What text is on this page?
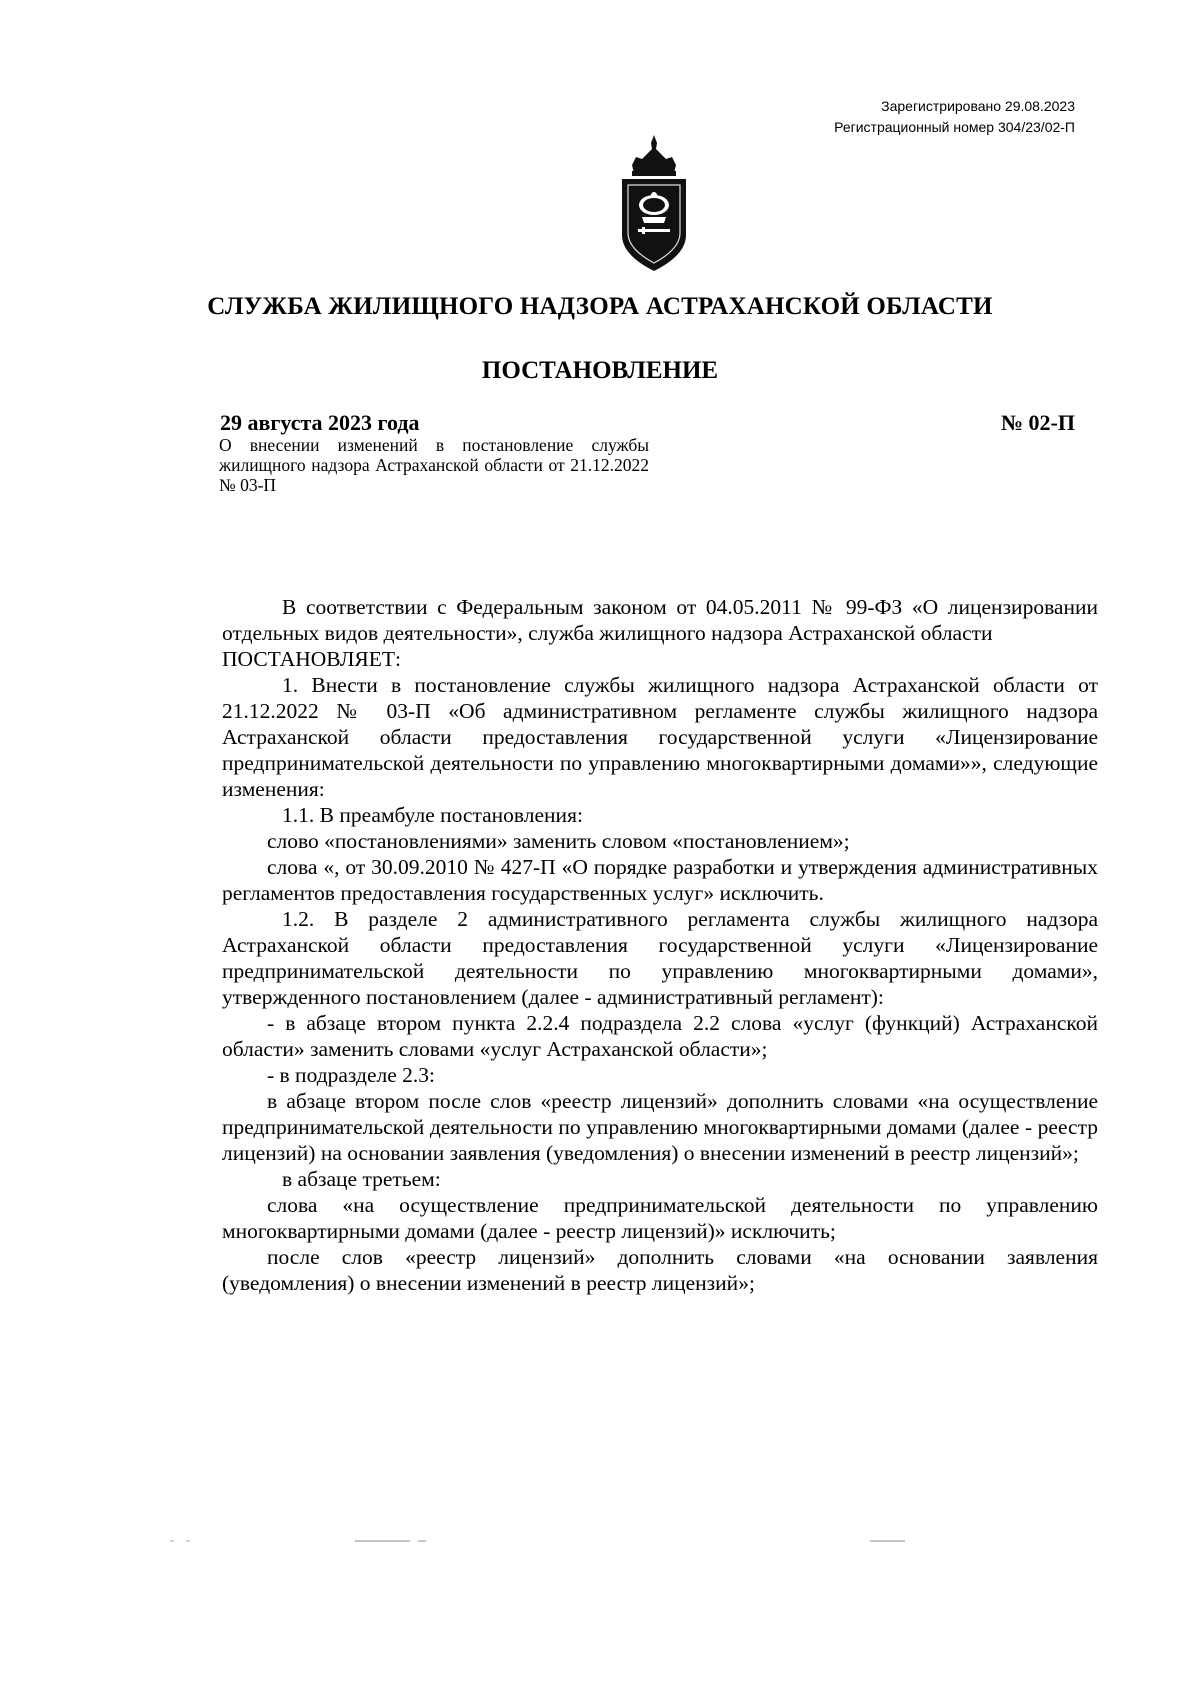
Зарегистрировано 29.08.2023
Регистрационный номер 304/23/02-П
СЛУЖБА ЖИЛИЩНОГО НАДЗОРА АСТРАХАНСКОЙ ОБЛАСТИ
ПОСТАНОВЛЕНИЕ
29 августа 2023 года	№ 02-П
О внесении изменений в постановление службы жилищного надзора Астраханской области от 21.12.2022 № 03-П

В соответствии с Федеральным законом от 04.05.2011 № 99-ФЗ «О лицензировании отдельных видов деятельности», служба жилищного надзора Астраханской области

ПОСТАНОВЛЯЕТ:

1. Внести в постановление службы жилищного надзора Астраханской области от 21.12.2022 № 03-П «Об административном регламенте службы жилищного надзора Астраханской области предоставления государственной услуги «Лицензирование предпринимательской деятельности по управлению многоквартирными домами»», следующие изменения:

1.1. В преамбуле постановления:

слово «постановлениями» заменить словом «постановлением»;

слова «, от 30.09.2010 № 427-П «О порядке разработки и утверждения административных регламентов предоставления государственных услуг» исключить.

1.2. В разделе 2 административного регламента службы жилищного надзора Астраханской области предоставления государственной услуги «Лицензирование предпринимательской деятельности по управлению многоквартирными домами», утвержденного постановлением (далее - административный регламент):

- в абзаце втором пункта 2.2.4 подраздела 2.2 слова «услуг (функций) Астраханской области» заменить словами «услуг Астраханской области»;

- в подразделе 2.3:

в абзаце втором после слов «реестр лицензий» дополнить словами «на осуществление предпринимательской деятельности по управлению многоквартирными домами (далее - реестр лицензий) на основании заявления (уведомления) о внесении изменений в реестр лицензий»;

в абзаце третьем:

слова «на осуществление предпринимательской деятельности по управлению многоквартирными домами (далее - реестр лицензий)» исключить;

после слов «реестр лицензий» дополнить словами «на основании заявления (уведомления) о внесении изменений в реестр лицензий»;
